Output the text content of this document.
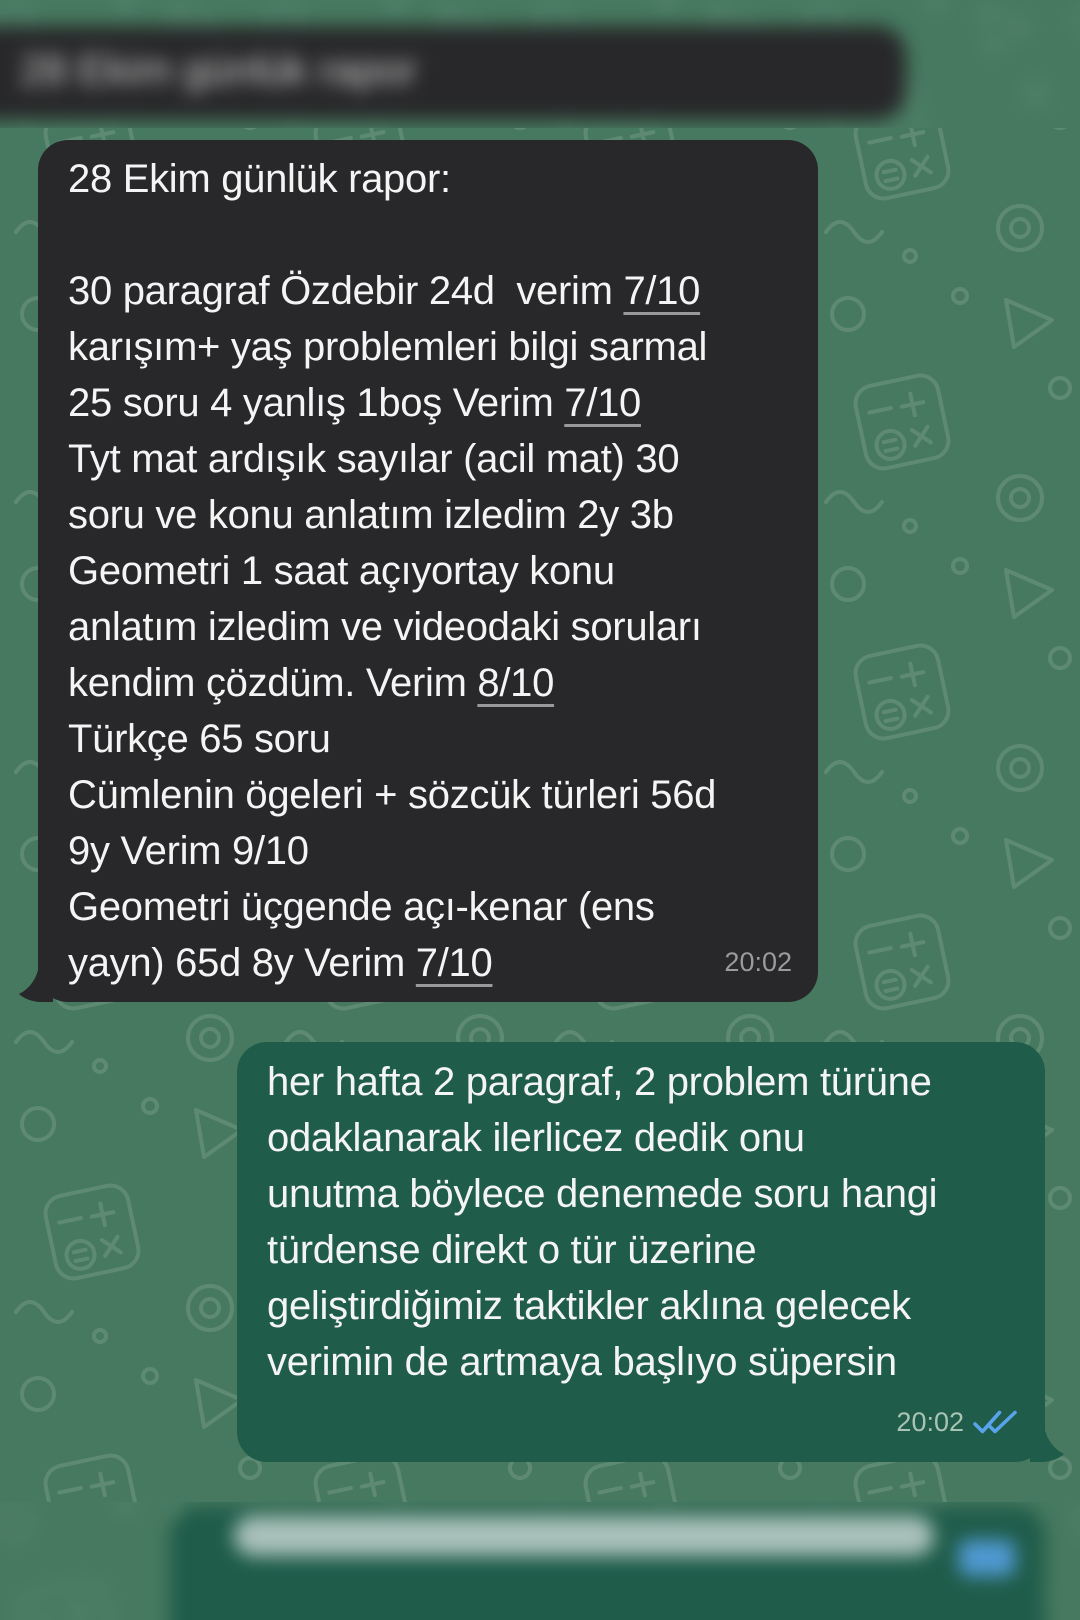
28 Ekim günlük rapor:

30 paragraf Özdebir 24d  verim 7/10
karışım+ yaş problemleri bilgi sarmal
25 soru 4 yanlış 1boş Verim 7/10
Tyt mat ardışık sayılar (acil mat) 30
soru ve konu anlatım izledim 2y 3b
Geometri 1 saat açıyortay konu
anlatım izledim ve videodaki soruları
kendim çözdüm. Verim 8/10
Türkçe 65 soru
Cümlenin ögeleri + sözcük türleri 56d
9y Verim 9/10
Geometri üçgende açı-kenar (ens
yayn) 65d 8y Verim 7/10	20:02
her hafta 2 paragraf, 2 problem türüne
odaklanarak ilerlicez dedik onu
unutma böylece denemede soru hangi
türdense direkt o tür üzerine
geliştirdiğimiz taktikler aklına gelecek
verimin de artmaya başlıyo süpersin
20:02
28 Ekim günlük rapor
